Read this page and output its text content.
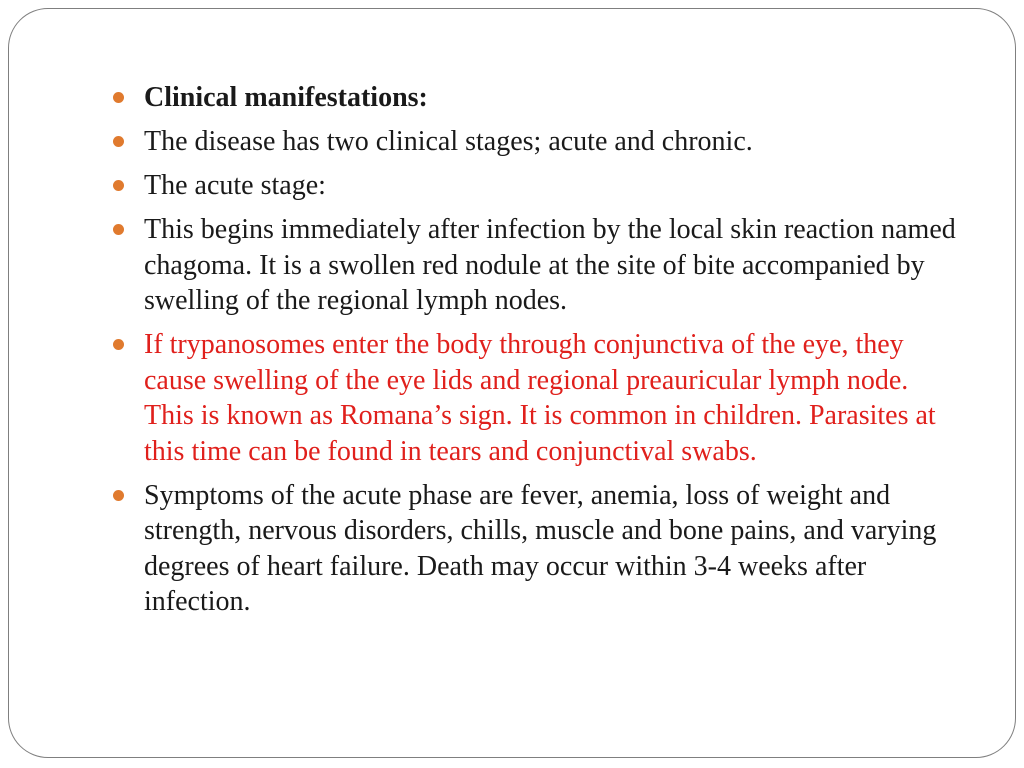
Clinical manifestations:
The disease has two clinical stages; acute and chronic.
The acute stage:
This begins immediately after infection by the local skin reaction named chagoma. It is a swollen red nodule at the site of bite accompanied by swelling of the regional lymph nodes.
If trypanosomes enter the body through conjunctiva of the eye, they cause swelling of the eye lids and regional preauricular lymph node. This is known as Romana’s sign. It is common in children. Parasites at this time can be found in tears and conjunctival swabs.
Symptoms of the acute phase are fever, anemia, loss of weight and strength, nervous disorders, chills, muscle and bone pains, and varying degrees of heart failure. Death may occur within 3-4 weeks after infection.
